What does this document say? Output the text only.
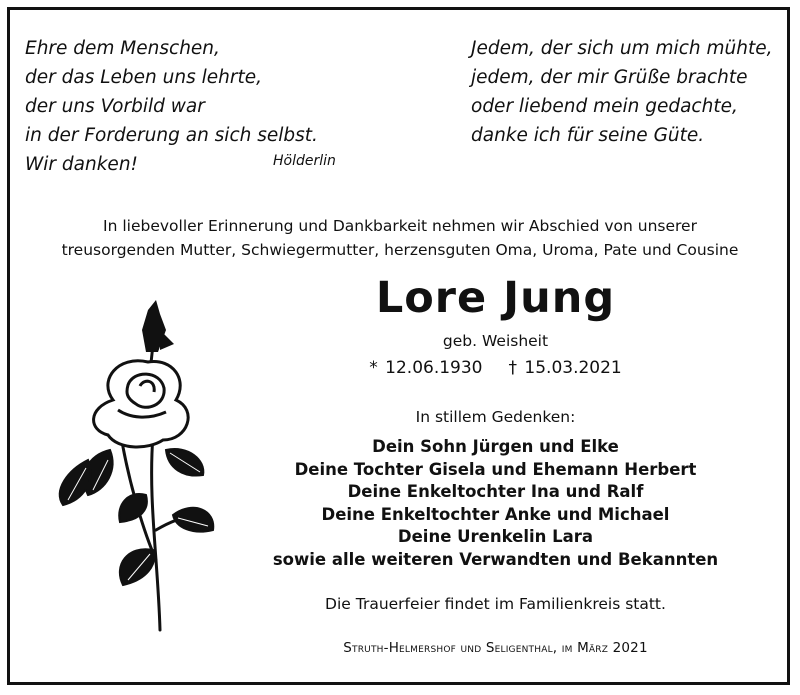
Ehre dem Menschen,
der das Leben uns lehrte,
der uns Vorbild war
in der Forderung an sich selbst.
Wir danken!	Hölderlin
Jedem, der sich um mich mühte,
jedem, der mir Grüße brachte
oder liebend mein gedachte,
danke ich für seine Güte.
In liebevoller Erinnerung und Dankbarkeit nehmen wir Abschied von unserer
treusorgenden Mutter, Schwiegermutter, herzensguten Oma, Uroma, Pate und Cousine
Lore Jung
geb. Weisheit
* 12.06.1930 † 15.03.2021
In stillem Gedenken:
Dein Sohn Jürgen und Elke
Deine Tochter Gisela und Ehemann Herbert
Deine Enkeltochter Ina und Ralf
Deine Enkeltochter Anke und Michael
Deine Urenkelin Lara
sowie alle weiteren Verwandten und Bekannten
Die Trauerfeier findet im Familienkreis statt.
Struth-Helmershof und Seligenthal, im März 2021
